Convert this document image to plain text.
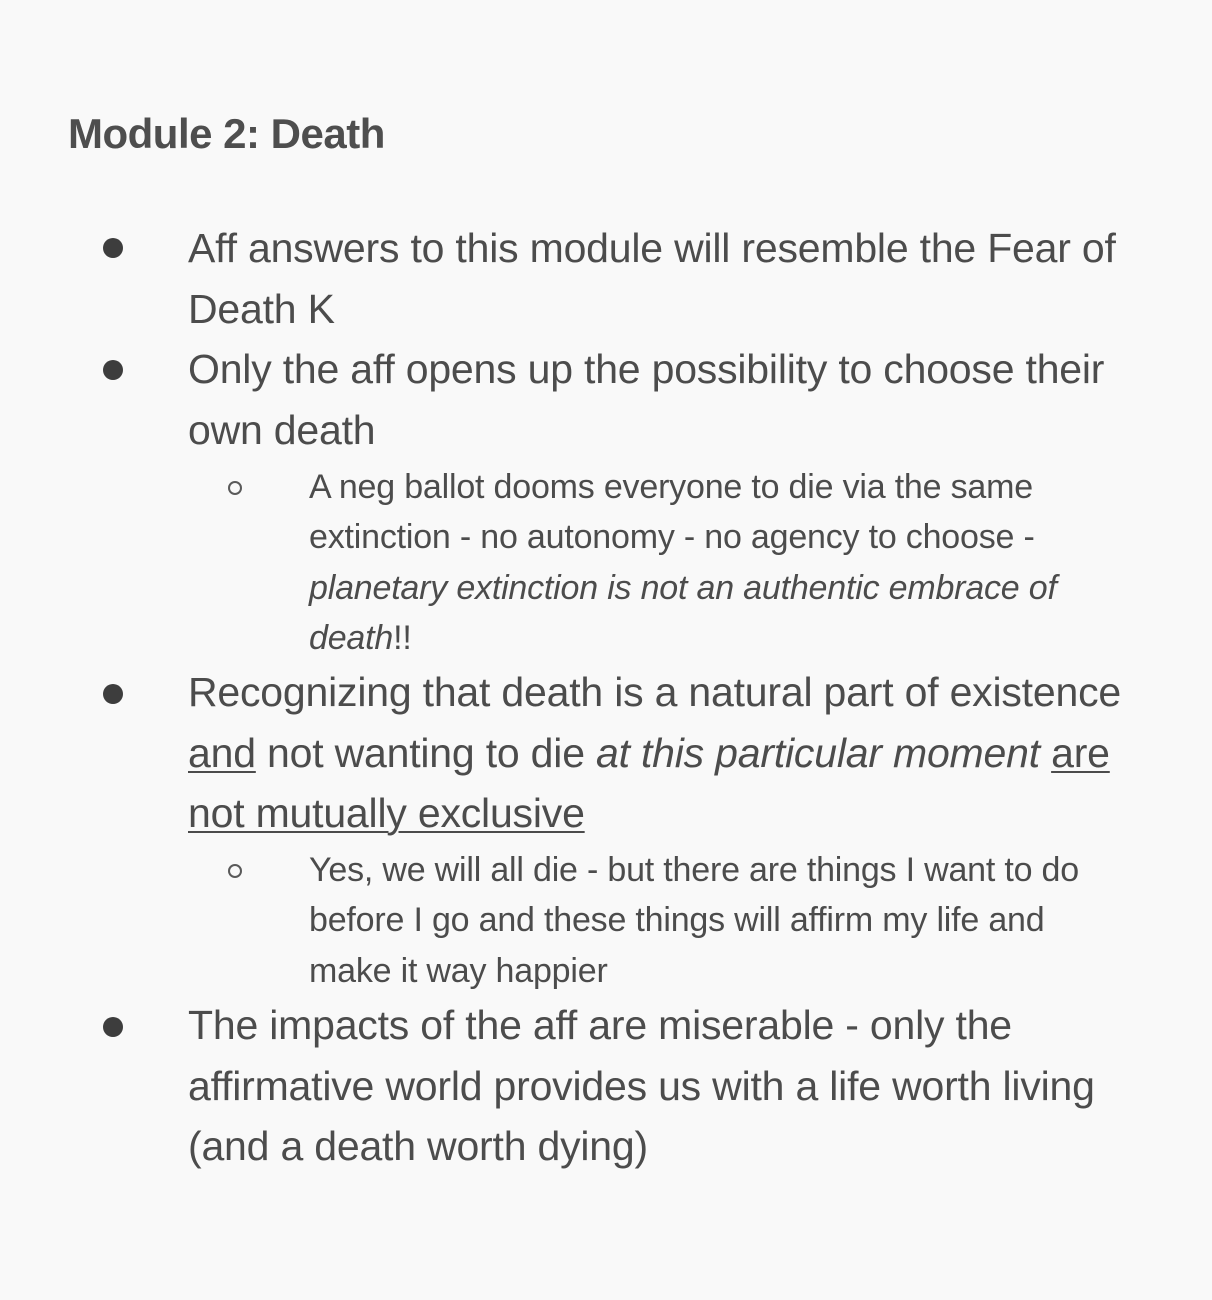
Module 2: Death
Aff answers to this module will resemble the Fear of Death K
Only the aff opens up the possibility to choose their own death
A neg ballot dooms everyone to die via the same extinction - no autonomy - no agency to choose - planetary extinction is not an authentic embrace of death!!
Recognizing that death is a natural part of existence and not wanting to die at this particular moment are not mutually exclusive
Yes, we will all die - but there are things I want to do before I go and these things will affirm my life and make it way happier
The impacts of the aff are miserable - only the affirmative world provides us with a life worth living (and a death worth dying)
